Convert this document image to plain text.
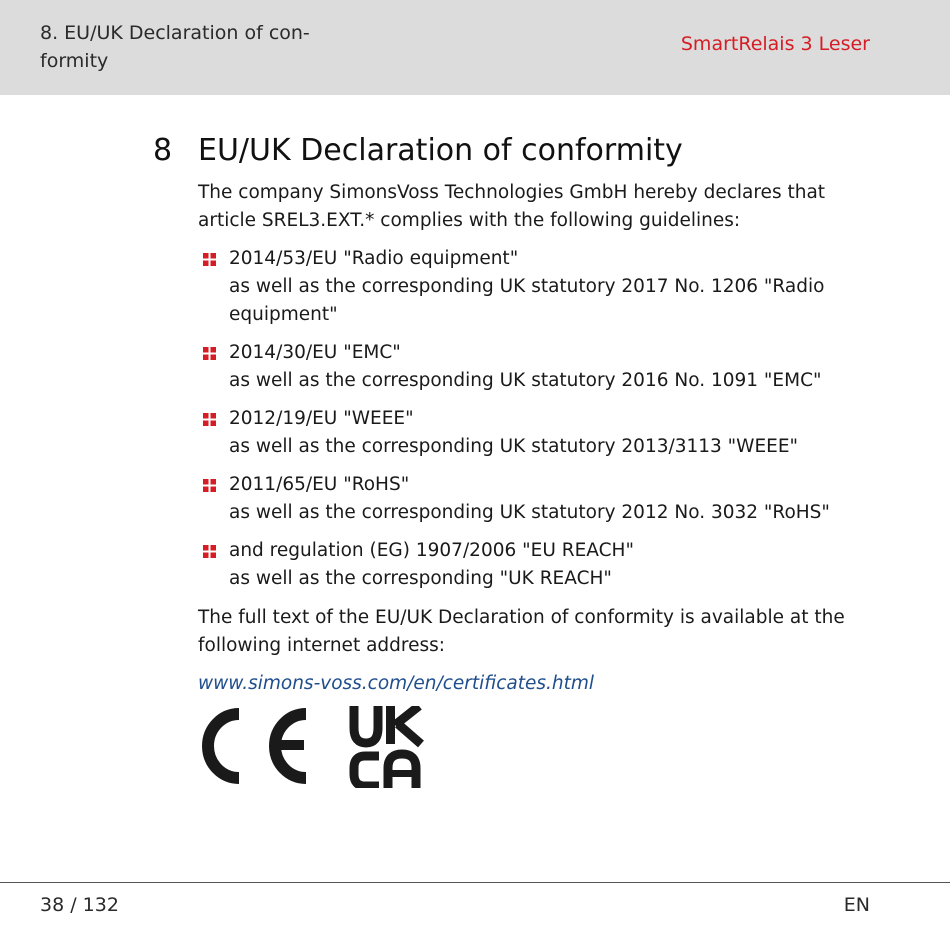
8. EU/UK Declaration of con- formity
SmartRelais 3 Leser
8 EU/UK Declaration of conformity

The company SimonsVoss Technologies GmbH hereby declares that article SREL3.EXT.* complies with the following guidelines:

2014/53/EU "Radio equipment"
as well as the corresponding UK statutory 2017 No. 1206 "Radio equipment"
2014/30/EU "EMC"
as well as the corresponding UK statutory 2016 No. 1091 "EMC"
2012/19/EU "WEEE"
as well as the corresponding UK statutory 2013/3113 "WEEE"
2011/65/EU "RoHS"
as well as the corresponding UK statutory 2012 No. 3032 "RoHS"
and regulation (EG) 1907/2006 "EU REACH"
as well as the corresponding "UK REACH"

The full text of the EU/UK Declaration of conformity is available at the following internet address:

www.simons-voss.com/en/certificates.html
38 / 132	EN
